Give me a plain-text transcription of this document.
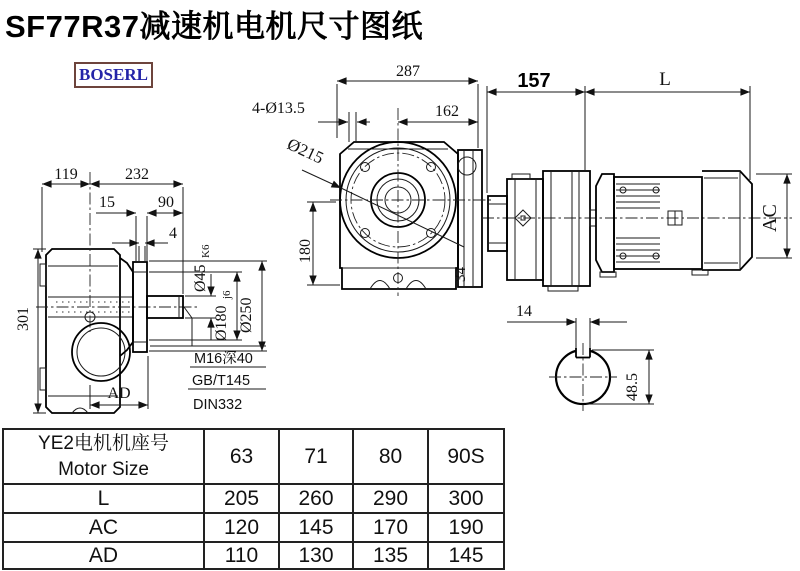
SF77R37减速机电机尺寸图纸
BOSERL
119	232
15	90
4
Ø45
K6
Ø180
j6
Ø250
301
AD
M16深40
GB/T145
DIN332
287
4-Ø13.5	162
Ø215
180
34
157	L
AC
14
48.5
YE2电机机座号
Motor Size	63	71	80	90S
L	205	260	290	300
AC	120	145	170	190
AD	110	130	135	145
